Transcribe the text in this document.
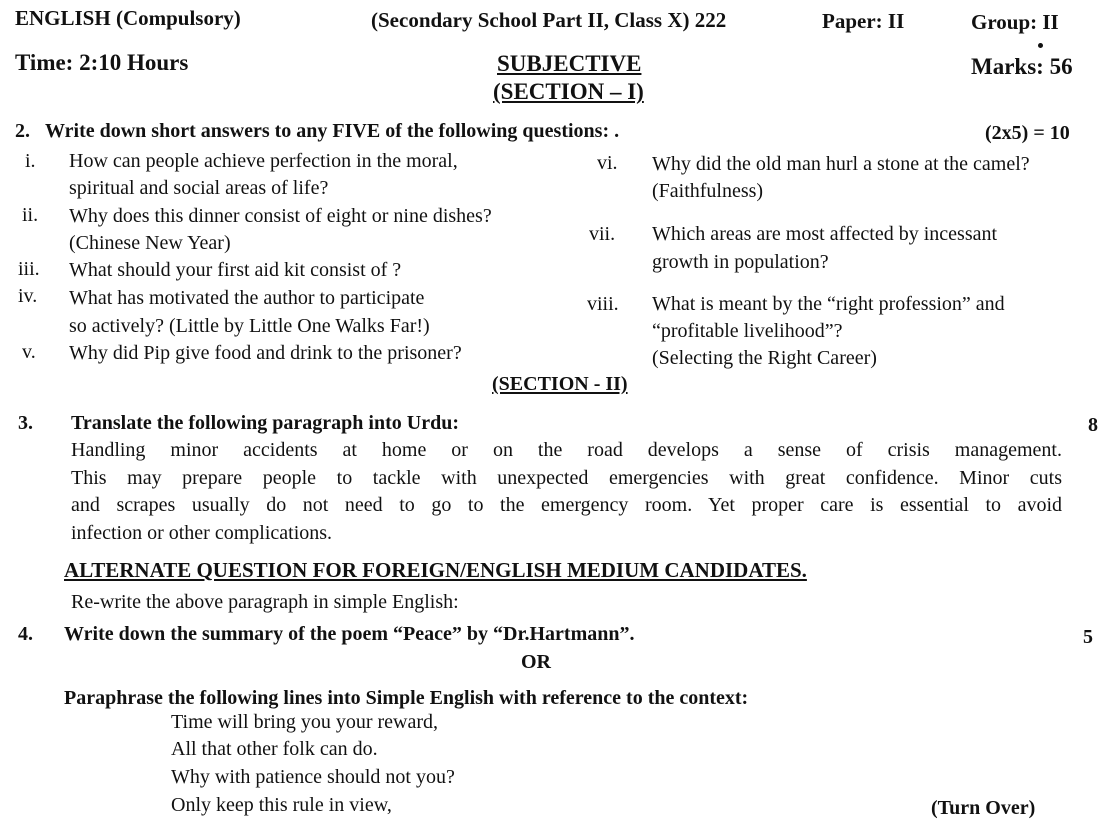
ENGLISH (Compulsory)	(Secondary School Part II, Class X) 222	Paper: II	Group: II
Time: 2:10 Hours	SUBJECTIVE
(SECTION – I)
Marks: 56
2. Write down short answers to any FIVE of the following questions: .	(2x5) = 10
i. How can people achieve perfection in the moral,
spiritual and social areas of life?
ii. Why does this dinner consist of eight or nine dishes?
(Chinese New Year)
iii. What should your first aid kit consist of ?
iv. What has motivated the author to participate
so actively? (Little by Little One Walks Far!)
v. Why did Pip give food and drink to the prisoner?
vi. Why did the old man hurl a stone at the camel?
(Faithfulness)
vii. Which areas are most affected by incessant
growth in population?
viii. What is meant by the “right profession” and
“profitable livelihood”?
(Selecting the Right Career)
(SECTION - II)
3. Translate the following paragraph into Urdu:	8
Handling minor accidents at home or on the road develops a sense of crisis management.
This may prepare people to tackle with unexpected emergencies with great confidence. Minor cuts
and scrapes usually do not need to go to the emergency room. Yet proper care is essential to avoid
infection or other complications.
ALTERNATE QUESTION FOR FOREIGN/ENGLISH MEDIUM CANDIDATES.
Re-write the above paragraph in simple English:
4. Write down the summary of the poem “Peace” by “Dr.Hartmann”.	5
OR
Paraphrase the following lines into Simple English with reference to the context:
Time will bring you your reward,
All that other folk can do.
Why with patience should not you?
Only keep this rule in view,	(Turn Over)
